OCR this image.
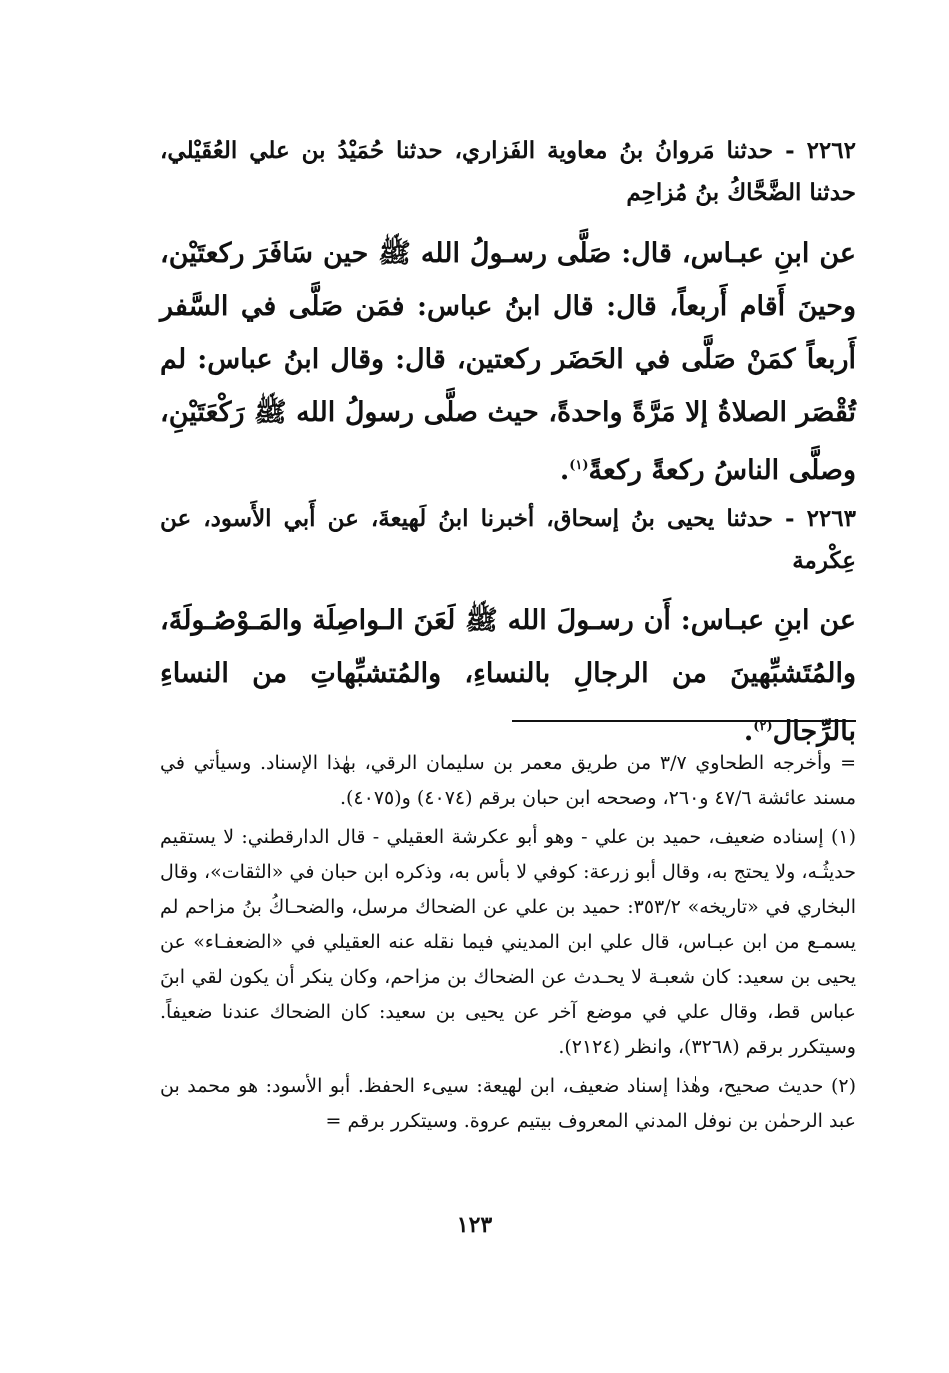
٢٢٦٢ - حدثنا مَروانُ بنُ معاوية الفَزاري، حدثنا حُمَيْدُ بن علي العُقَيْلي، حدثنا الضَّحَّاكُ بنُ مُزاحِم
عن ابنِ عبـاس، قال: صَلَّى رسـولُ الله ﷺ حين سَافَرَ ركعتَيْن، وحينَ أَقام أَربعاً، قال: قال ابنُ عباس: فمَن صَلَّى في السَّفر أَربعاً كمَنْ صَلَّى في الحَضَر ركعتين، قال: وقال ابنُ عباس: لم تُقْصَر الصلاةُ إلا مَرَّةً واحدةً، حيث صلَّى رسولُ الله ﷺ رَكْعَتَيْنِ، وصلَّى الناسُ ركعةً ركعةً$^{(١)}$.
٢٢٦٣ - حدثنا يحيى بنُ إسحاق، أخبرنا ابنُ لَهيعةَ، عن أَبي الأَسود، عن عِكْرمة
عن ابنِ عبـاس: أَن رسـولَ الله ﷺ لَعَنَ الـواصِلَة والمَـوْصُـولَةَ، والمُتَشبِّهينَ من الرجالِ بالنساءِ، والمُتشبِّهاتِ من النساءِ بالرِّجال$^{(٢)}$.
= وأخرجه الطحاوي ٣/٧ من طريق معمر بن سليمان الرقي، بهٰذا الإسناد. وسيأتي في مسند عائشة ٤٧/٦ و٢٦٠، وصححه ابن حبان برقم (٤٠٧٤) و(٤٠٧٥).
(١) إسناده ضعيف، حميد بن علي - وهو أبو عكرشة العقيلي - قال الدارقطني: لا يستقيم حديثُـه، ولا يحتج به، وقال أبو زرعة: كوفي لا بأس به، وذكره ابن حبان في «الثقات»، وقال البخاري في «تاريخه» ٣٥٣/٢: حميد بن علي عن الضحاك مرسل، والضحـاكُ بنُ مزاحم لم يسمـع من ابن عبـاس، قال علي ابن المديني فيما نقله عنه العقيلي في «الضعفـاء» عن يحيى بن سعيد: كان شعبـة لا يحـدث عن الضحاك بن مزاحم، وكان ينكر أن يكون لقي ابنَ عباس قط، وقال علي في موضع آخر عن يحيى بن سعيد: كان الضحاك عندنا ضعيفاً. وسيتكرر برقم (٣٢٦٨)، وانظر (٢١٢٤).
(٢) حديث صحيح، وهٰذا إسناد ضعيف، ابن لهيعة: سيىء الحفظ. أبو الأسود: هو محمد بن عبد الرحمٰن بن نوفل المدني المعروف بيتيم عروة. وسيتكرر برقم =
١٢٣
